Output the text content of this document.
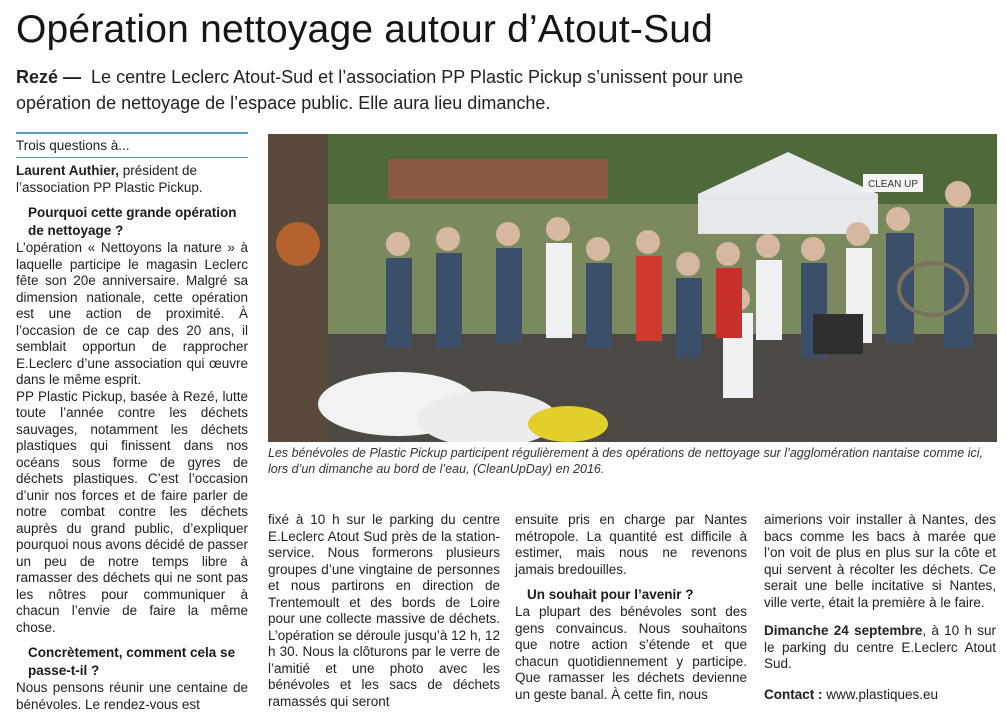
Opération nettoyage autour d’Atout-Sud
Rezé — Le centre Leclerc Atout-Sud et l’association PP Plastic Pickup s’unissent pour une
opération de nettoyage de l’espace public. Elle aura lieu dimanche.
Trois questions à...
Laurent Authier, président de l’association PP Plastic Pickup.
Pourquoi cette grande opération de nettoyage ?

L’opération « Nettoyons la nature » à laquelle participe le magasin Leclerc fête son 20e anniversaire. Malgré sa dimension nationale, cette opération est une action de proximité. À l’occasion de ce cap des 20 ans, il semblait opportun de rapprocher E.Leclerc d’une association qui œuvre dans le même esprit.

PP Plastic Pickup, basée à Rezé, lutte toute l’année contre les déchets sauvages, notamment les déchets plastiques qui finissent dans nos océans sous forme de gyres de déchets plastiques. C’est l’occasion d’unir nos forces et de faire parler de notre combat contre les déchets auprès du grand public, d’expliquer pourquoi nous avons décidé de passer un peu de notre temps libre à ramasser des déchets qui ne sont pas les nôtres pour communiquer à chacun l’envie de faire la même chose.

Concrètement, comment cela se passe-t-il ?

Nous pensons réunir une centaine de bénévoles. Le rendez-vous est

CLEAN UP
Les bénévoles de Plastic Pickup participent régulièrement à des opérations de nettoyage sur l’agglomération nantaise comme ici, lors d’un dimanche au bord de l’eau, (CleanUpDay) en 2016.

fixé à 10 h sur le parking du centre E.Leclerc Atout Sud près de la station-service. Nous formerons plusieurs groupes d’une vingtaine de personnes et nous partirons en direction de Trentemoult et des bords de Loire pour une collecte massive de déchets. L’opération se déroule jusqu’à 12 h, 12 h 30. Nous la clôturons par le verre de l’amitié et une photo avec les bénévoles et les sacs de déchets ramassés qui seront

ensuite pris en charge par Nantes métropole. La quantité est difficile à estimer, mais nous ne revenons jamais bredouilles.

Un souhait pour l’avenir ?

La plupart des bénévoles sont des gens convaincus. Nous souhaitons que notre action s’étende et que chacun quotidiennement y participe. Que ramasser les déchets devienne un geste banal. À cette fin, nous

aimerions voir installer à Nantes, des bacs comme les bacs à marée que l’on voit de plus en plus sur la côte et qui servent à récolter les déchets. Ce serait une belle incitative si Nantes, ville verte, était la première à le faire.

Dimanche 24 septembre, à 10 h sur le parking du centre E.Leclerc Atout Sud.

Contact : www.plastiques.eu
